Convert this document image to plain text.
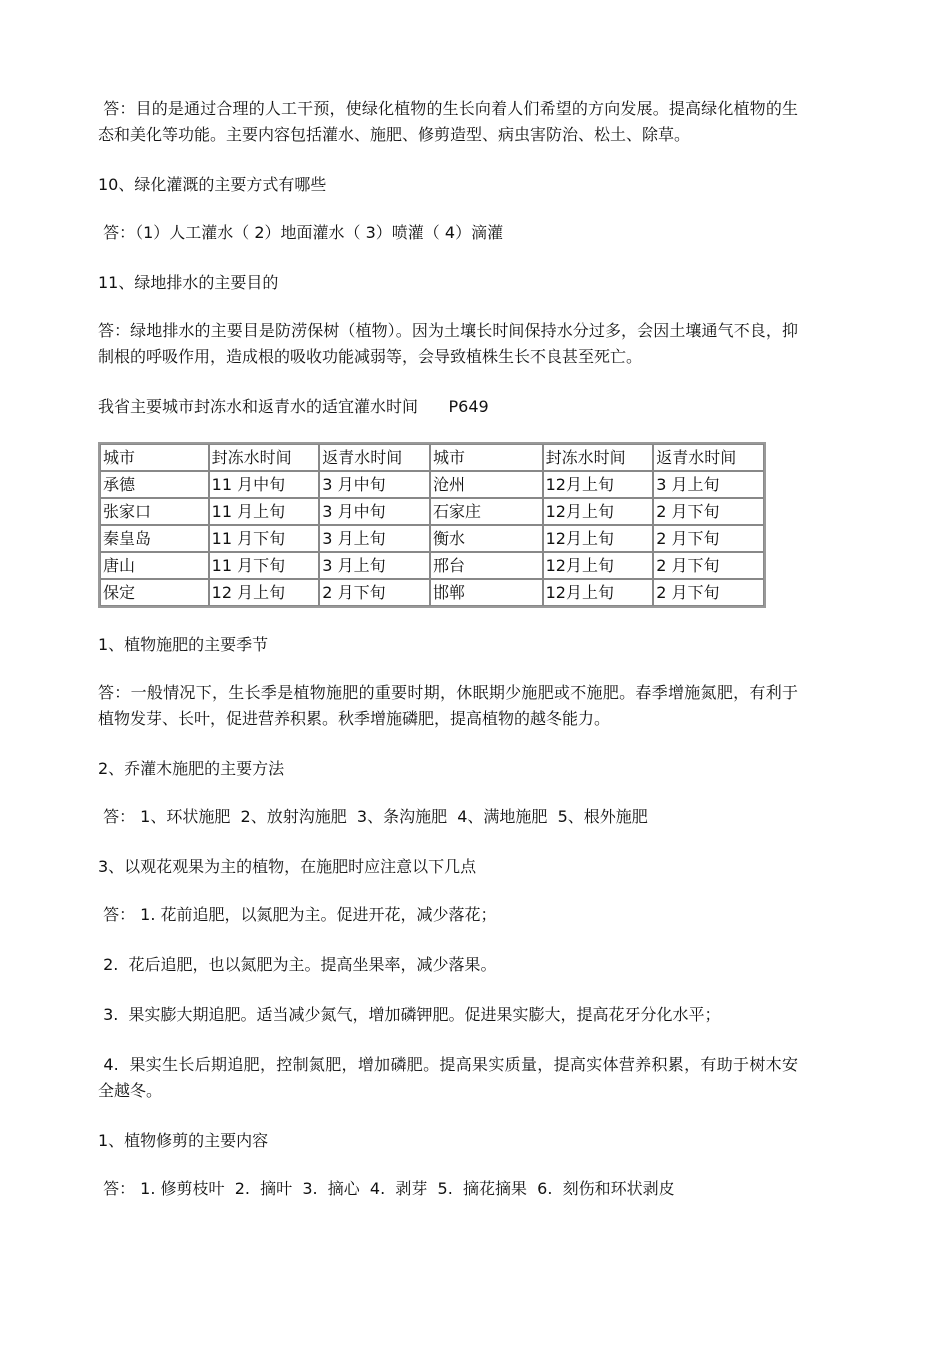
答：目的是通过合理的人工干预，使绿化植物的生长向着人们希望的方向发展。提高绿化植物的生态和美化等功能。主要内容包括灌水、施肥、修剪造型、病虫害防治、松土、除草。

10、绿化灌溉的主要方式有哪些

答：（1）人工灌水（ 2）地面灌水（ 3）喷灌（ 4）滴灌

11、绿地排水的主要目的

答：绿地排水的主要目是防涝保树（植物）。因为土壤长时间保持水分过多，会因土壤通气不良，抑制根的呼吸作用，造成根的吸收功能减弱等，会导致植株生长不良甚至死亡。

我省主要城市封冻水和返青水的适宜灌水时间      P649

城市	封冻水时间	返青水时间	城市	封冻水时间	返青水时间
承德	11 月中旬	3 月中旬	沧州	12月上旬	3 月上旬
张家口	11 月上旬	3 月中旬	石家庄	12月上旬	2 月下旬
秦皇岛	11 月下旬	3 月上旬	衡水	12月上旬	2 月下旬
唐山	11 月下旬	3 月上旬	邢台	12月上旬	2 月下旬
保定	12 月上旬	2 月下旬	邯郸	12月上旬	2 月下旬

1、植物施肥的主要季节

答：一般情况下，生长季是植物施肥的重要时期，休眠期少施肥或不施肥。春季增施氮肥，有利于植物发芽、长叶，促进营养积累。秋季增施磷肥，提高植物的越冬能力。

2、乔灌木施肥的主要方法

答： 1、环状施肥  2、放射沟施肥  3、条沟施肥  4、满地施肥  5、根外施肥

3、以观花观果为主的植物，在施肥时应注意以下几点

答： 1. 花前追肥，以氮肥为主。促进开花，减少落花；

2.  花后追肥，也以氮肥为主。提高坐果率，减少落果。

3.  果实膨大期追肥。适当减少氮气，增加磷钾肥。促进果实膨大，提高花牙分化水平；

4.  果实生长后期追肥，控制氮肥，增加磷肥。提高果实质量，提高实体营养积累，有助于树木安全越冬。

1、植物修剪的主要内容

答： 1. 修剪枝叶  2.  摘叶  3.  摘心  4.  剥芽  5.  摘花摘果  6.  刻伤和环状剥皮
